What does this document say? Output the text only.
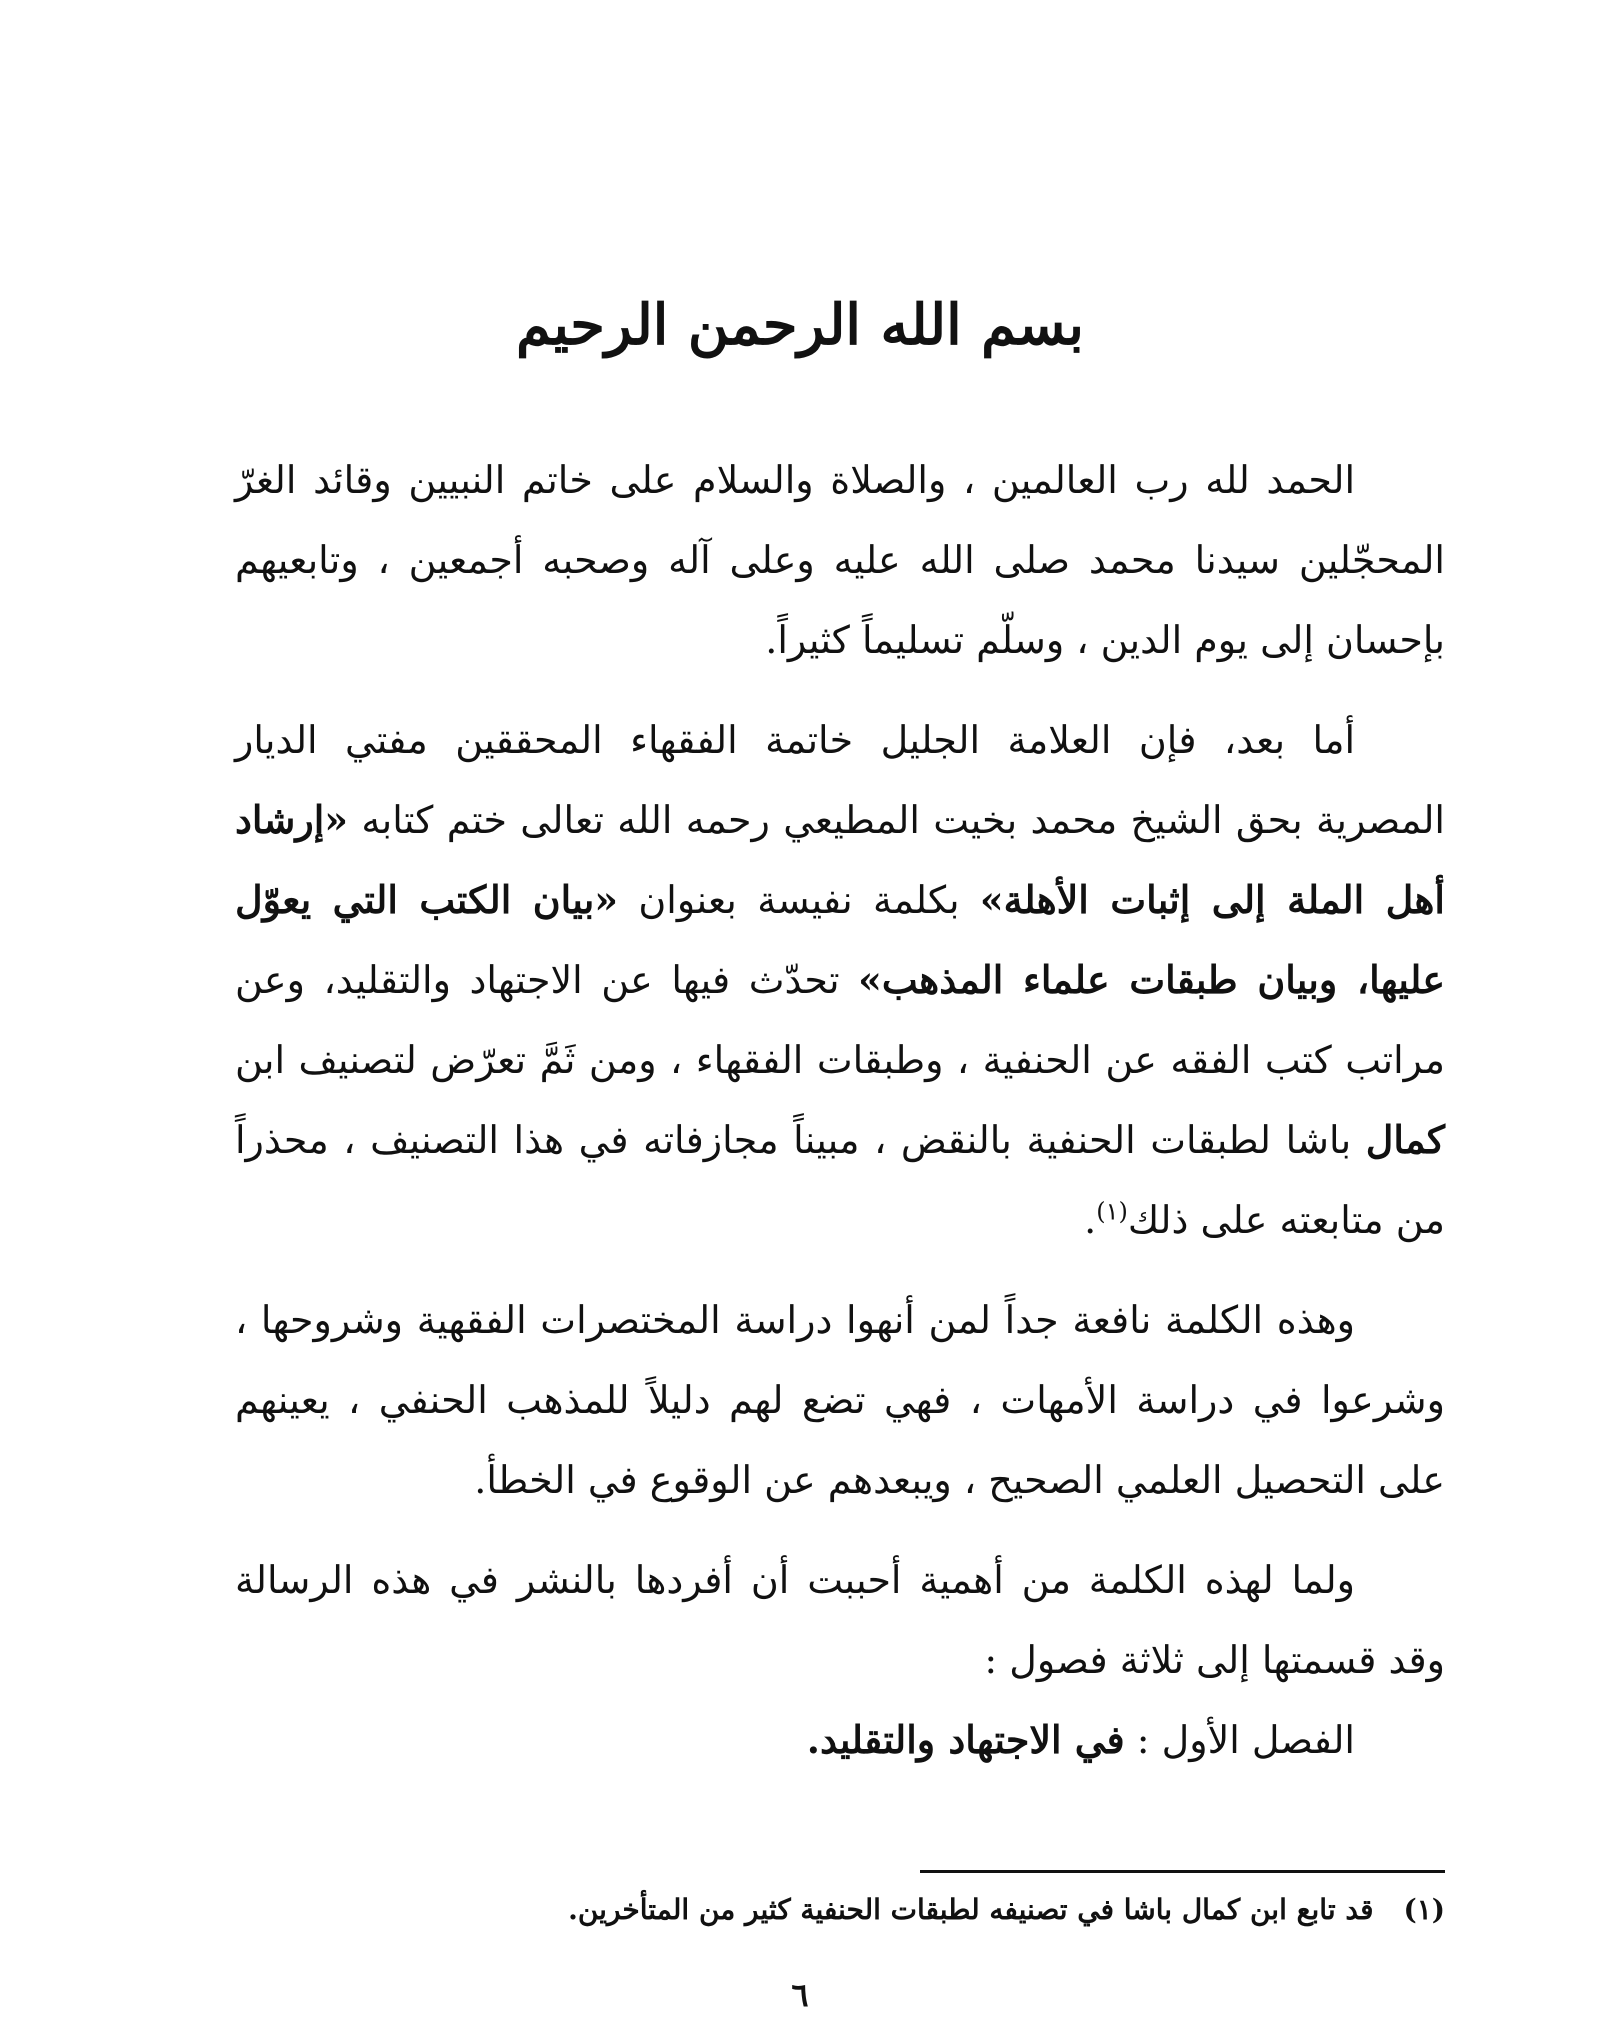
بسم الله الرحمن الرحيم

الحمد لله رب العالمين ، والصلاة والسلام على خاتم النبيين وقائد الغرّ المحجّلين سيدنا محمد صلى الله عليه وعلى آله وصحبه أجمعين ، وتابعيهم بإحسان إلى يوم الدين ، وسلّم تسليماً كثيراً.

أما بعد، فإن العلامة الجليل خاتمة الفقهاء المحققين مفتي الديار المصرية بحق الشيخ محمد بخيت المطيعي رحمه الله تعالى ختم كتابه «إرشاد أهل الملة إلى إثبات الأهلة» بكلمة نفيسة بعنوان «بيان الكتب التي يعوّل عليها، وبيان طبقات علماء المذهب» تحدّث فيها عن الاجتهاد والتقليد، وعن مراتب كتب الفقه عن الحنفية ، وطبقات الفقهاء ، ومن ثَمَّ تعرّض لتصنيف ابن كمال باشا لطبقات الحنفية بالنقض ، مبيناً مجازفاته في هذا التصنيف ، محذراً من متابعته على ذلك$^{(١)}$.

وهذه الكلمة نافعة جداً لمن أنهوا دراسة المختصرات الفقهية وشروحها ، وشرعوا في دراسة الأمهات ، فهي تضع لهم دليلاً للمذهب الحنفي ، يعينهم على التحصيل العلمي الصحيح ، ويبعدهم عن الوقوع في الخطأ.

ولما لهذه الكلمة من أهمية أحببت أن أفردها بالنشر في هذه الرسالة وقد قسمتها إلى ثلاثة فصول :

الفصل الأول : في الاجتهاد والتقليد.

(١)قد تابع ابن كمال باشا في تصنيفه لطبقات الحنفية كثير من المتأخرين.
٦
